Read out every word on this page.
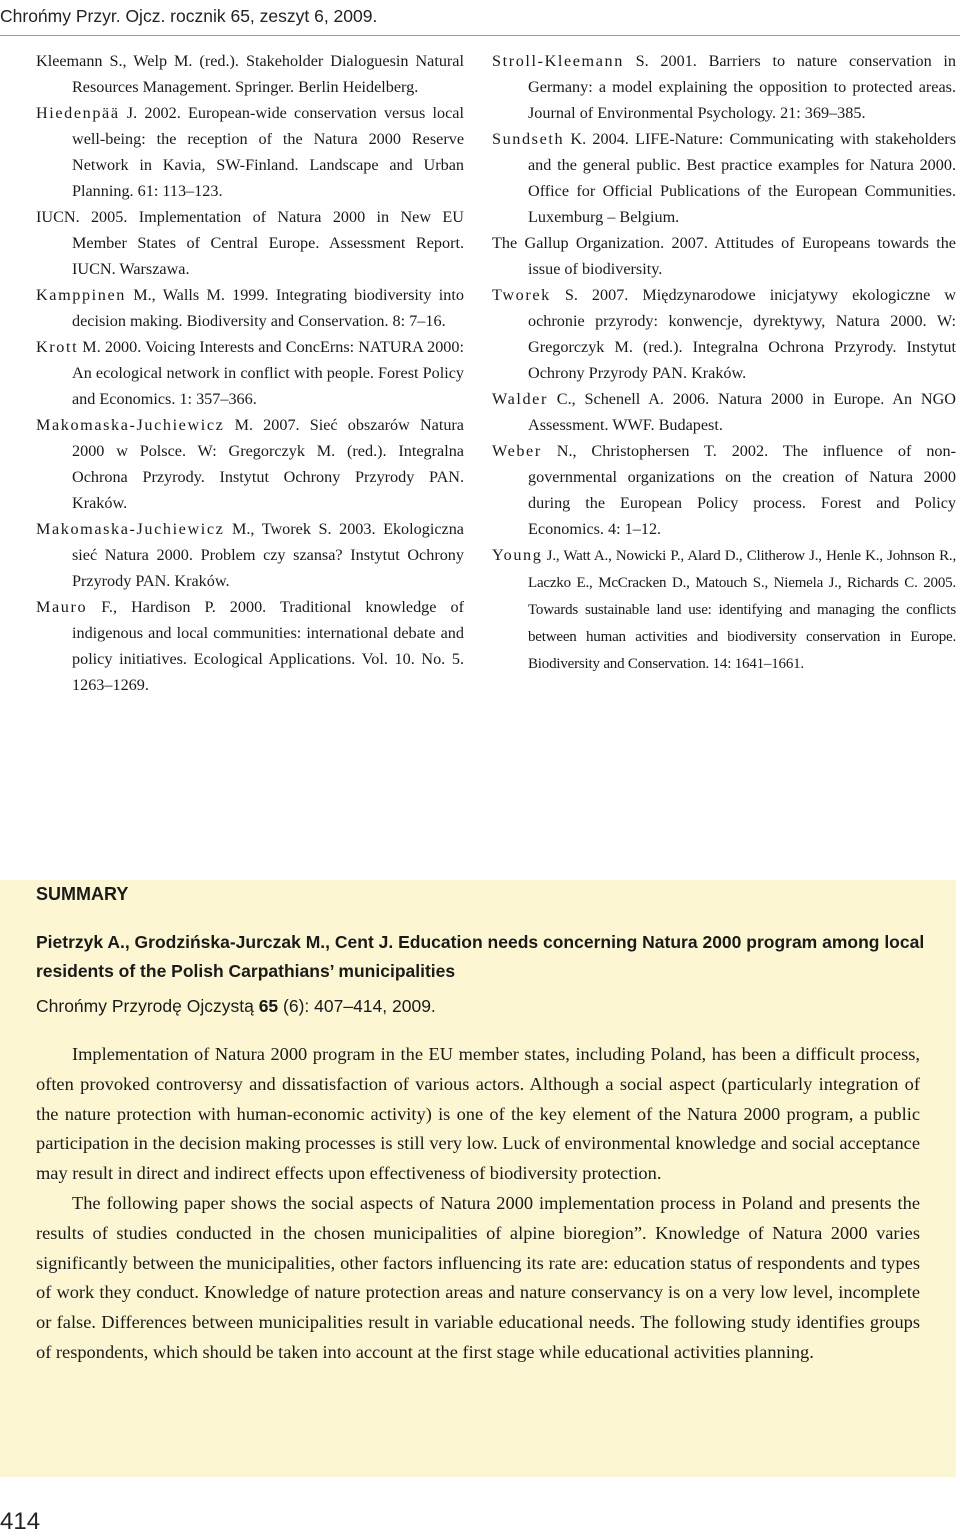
Chrońmy Przyr. Ojcz. rocznik 65, zeszyt 6, 2009.

Kleemann S., Welp M. (red.). Stakeholder Dialoguesin Natural Resources Management. Springer. Berlin Heidelberg.

Hiedenpää J. 2002. European-wide conservation versus local well-being: the reception of the Natura 2000 Reserve Network in Kavia, SW-Finland. Landscape and Urban Planning. 61: 113–123.

IUCN. 2005. Implementation of Natura 2000 in New EU Member States of Central Europe. Assessment Report. IUCN. Warszawa.

Kamppinen M., Walls M. 1999. Integrating biodiversity into decision making. Biodiversity and Conservation. 8: 7–16.

Krott M. 2000. Voicing Interests and ConcErns: NATURA 2000: An ecological network in conflict with people. Forest Policy and Economics. 1: 357–366.

Makomaska-Juchiewicz M. 2007. Sieć obszarów Natura 2000 w Polsce. W: Gregorczyk M. (red.). Integralna Ochrona Przyrody. Instytut Ochrony Przyrody PAN. Kraków.

Makomaska-Juchiewicz M., Tworek S. 2003. Ekologiczna sieć Natura 2000. Problem czy szansa? Instytut Ochrony Przyrody PAN. Kraków.

Mauro F., Hardison P. 2000. Traditional knowledge of indigenous and local communities: international debate and policy initiatives. Ecological Applications. Vol. 10. No. 5. 1263–1269.

Stroll-Kleemann S. 2001. Barriers to nature conservation in Germany: a model explaining the opposition to protected areas. Journal of Environmental Psychology. 21: 369–385.

Sundseth K. 2004. LIFE-Nature: Communicating with stakeholders and the general public. Best practice examples for Natura 2000. Office for Official Publications of the European Communities. Luxemburg – Belgium.

The Gallup Organization. 2007. Attitudes of Europeans towards the issue of biodiversity.

Tworek S. 2007. Międzynarodowe inicjatywy ekologiczne w ochronie przyrody: konwencje, dyrektywy, Natura 2000. W: Gregorczyk M. (red.). Integralna Ochrona Przyrody. Instytut Ochrony Przyrody PAN. Kraków.

Walder C., Schenell A. 2006. Natura 2000 in Europe. An NGO Assessment. WWF. Budapest.

Weber N., Christophersen T. 2002. The influence of non-governmental organizations on the creation of Natura 2000 during the European Policy process. Forest and Policy Economics. 4: 1–12.

Young J., Watt A., Nowicki P., Alard D., Clitherow J., Henle K., Johnson R., Laczko E., McCracken D., Matouch S., Niemela J., Richards C. 2005. Towards sustainable land use: identifying and managing the conflicts between human activities and biodiversity conservation in Europe. Biodiversity and Conservation. 14: 1641–1661.

SUMMARY

Pietrzyk A., Grodzińska-Jurczak M., Cent J. Education needs concerning Natura 2000 program among local residents of the Polish Carpathians’ municipalities

Chrońmy Przyrodę Ojczystą 65 (6): 407–414, 2009.

Implementation of Natura 2000 program in the EU member states, including Poland, has been a difficult process, often provoked controversy and dissatisfaction of various actors. Although a social aspect (particularly integration of the nature protection with human-economic activity) is one of the key element of the Natura 2000 program, a public participation in the decision making processes is still very low. Luck of environmental knowledge and social acceptance may result in direct and indirect effects upon effectiveness of biodiversity protection.

The following paper shows the social aspects of Natura 2000 implementation process in Poland and presents the results of studies conducted in the chosen municipalities of alpine bioregion”. Knowledge of Natura 2000 varies significantly between the municipalities, other factors influencing its rate are: education status of respondents and types of work they conduct. Knowledge of nature protection areas and nature conservancy is on a very low level, incomplete or false. Differences between municipalities result in variable educational needs. The following study identifies groups of respondents, which should be taken into account at the first stage while educational activities planning.

414
